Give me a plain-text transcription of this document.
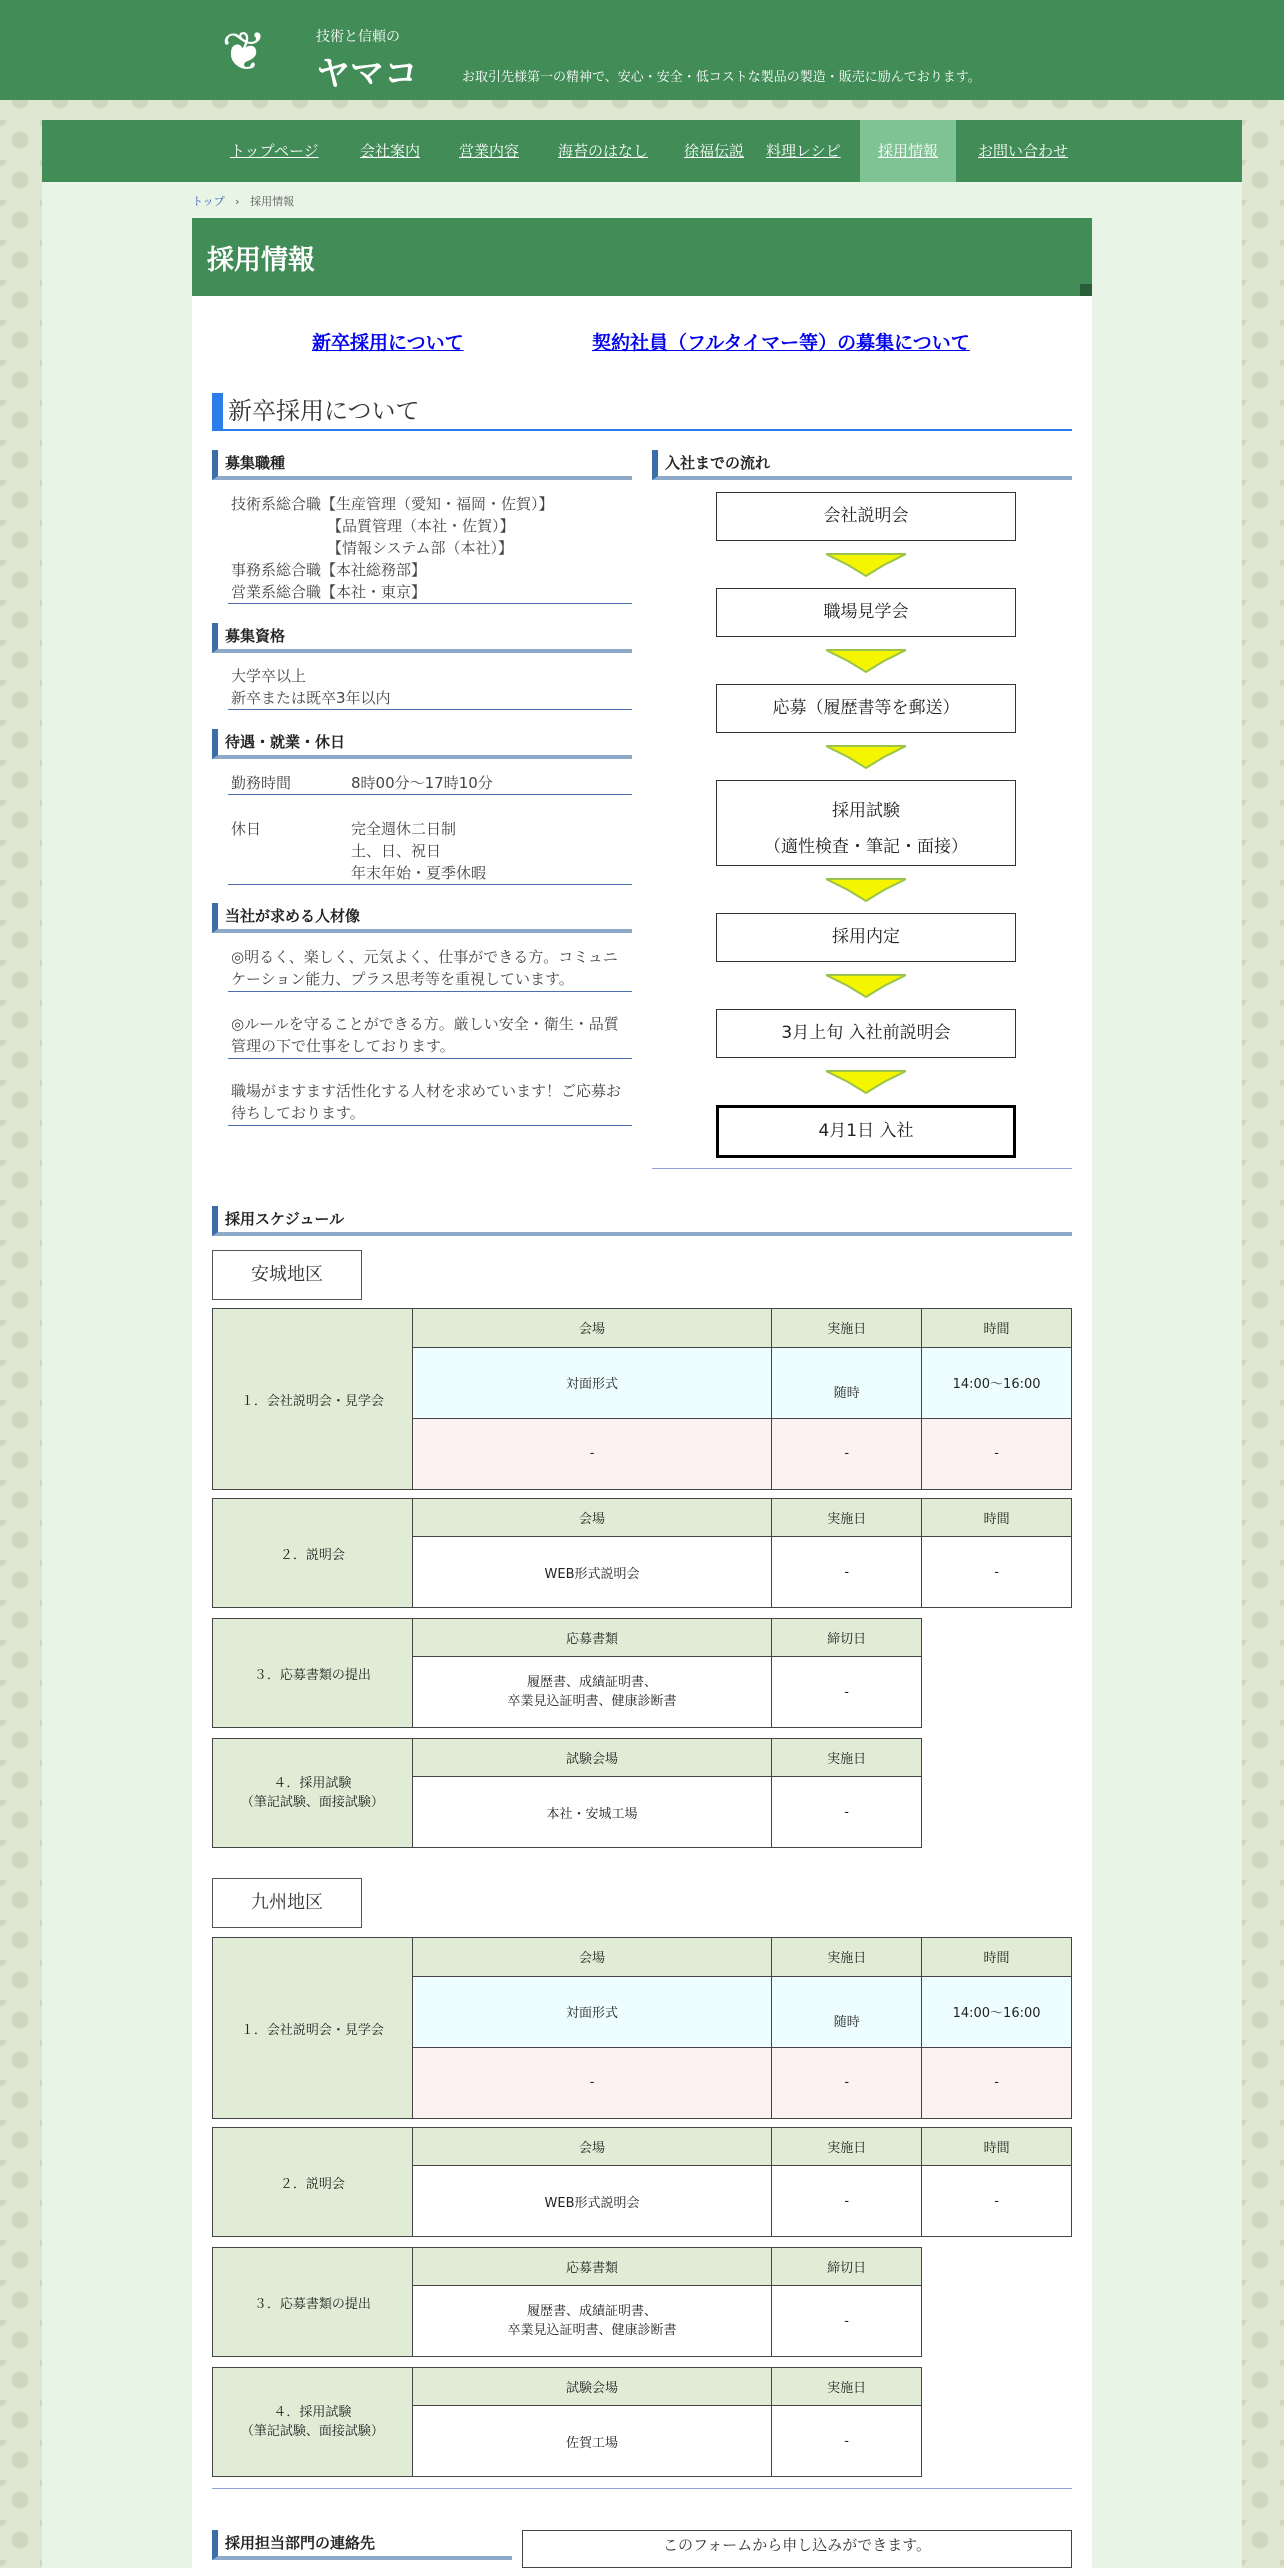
❦	技術と信頼の
ヤマコ	お取引先様第一の精神で、安心・安全・低コストな製品の製造・販売に励んでおります。
トップページ	会社案内	営業内容	海苔のはなし	徐福伝説	料理レシピ	採用情報	お問い合わせ
トップ › 採用情報
採用情報
新卒採用について	契約社員（フルタイマー等）の募集について
新卒採用について
募集職種
技術系総合職【生産管理（愛知・福岡・佐賀）】
【品質管理（本社・佐賀）】
【情報システム部（本社）】
事務系総合職【本社総務部】
営業系総合職【本社・東京】
募集資格
大学卒以上
新卒または既卒3年以内
待遇・就業・休日
勤務時間	8時00分～17時10分
休日	完全週休二日制
土、日、祝日
年末年始・夏季休暇
当社が求める人材像
◎明るく、楽しく、元気よく、仕事ができる方。コミュニ
ケーション能力、プラス思考等を重視しています。
◎ルールを守ることができる方。厳しい安全・衛生・品質
管理の下で仕事をしております。
職場がますます活性化する人材を求めています！ご応募お
待ちしております。
入社までの流れ
会社説明会
職場見学会
応募（履歴書等を郵送）
採用試験
（適性検査・筆記・面接）
採用内定
3月上旬 入社前説明会
4月1日 入社
採用スケジュール
安城地区
１．会社説明会・見学会	会場	実施日	時間
	対面形式	随時	14:00～16:00
	-	-	-
２．説明会	会場	実施日	時間
	WEB形式説明会	-	-
３．応募書類の提出	応募書類	締切日

	履歴書、成績証明書、
卒業見込証明書、健康診断書	-
４．採用試験
（筆記試験、面接試験）	試験会場	実施日
	本社・安城工場	-
九州地区
１．会社説明会・見学会	会場	実施日	時間
	対面形式	随時	14:00～16:00
	-	-	-
２．説明会	会場	実施日	時間
	WEB形式説明会	-	-
３．応募書類の提出	応募書類	締切日

	履歴書、成績証明書、
卒業見込証明書、健康診断書	-
４．採用試験
（筆記試験、面接試験）	試験会場	実施日
	佐賀工場	-
採用担当部門の連絡先	このフォームから申し込みができます。
